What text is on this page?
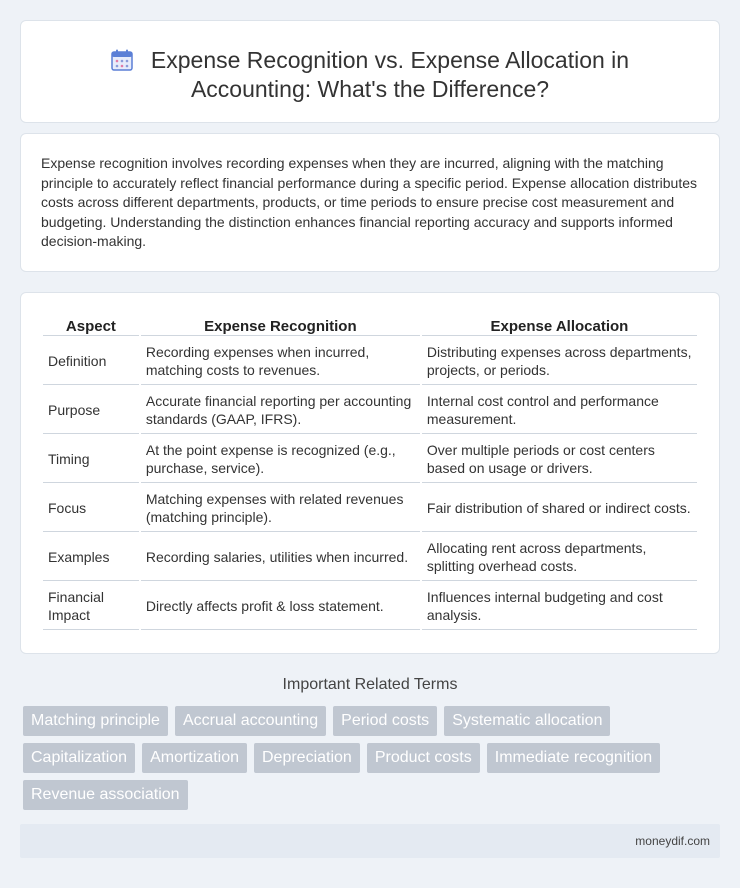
Expense Recognition vs. Expense Allocation in Accounting: What's the Difference?

Expense recognition involves recording expenses when they are incurred, aligning with the matching principle to accurately reflect financial performance during a specific period. Expense allocation distributes costs across different departments, products, or time periods to ensure precise cost measurement and budgeting. Understanding the distinction enhances financial reporting accuracy and supports informed decision-making.

Aspect	Expense Recognition	Expense Allocation
Definition	Recording expenses when incurred, matching costs to revenues.	Distributing expenses across departments, projects, or periods.
Purpose	Accurate financial reporting per accounting standards (GAAP, IFRS).	Internal cost control and performance measurement.
Timing	At the point expense is recognized (e.g., purchase, service).	Over multiple periods or cost centers based on usage or drivers.
Focus	Matching expenses with related revenues (matching principle).	Fair distribution of shared or indirect costs.
Examples	Recording salaries, utilities when incurred.	Allocating rent across departments, splitting overhead costs.
Financial Impact	Directly affects profit & loss statement.	Influences internal budgeting and cost analysis.
Important Related Terms
Matching principle	Accrual accounting	Period costs	Systematic allocation
Capitalization	Amortization	Depreciation	Product costs	Immediate recognition
Revenue association
moneydif.com
